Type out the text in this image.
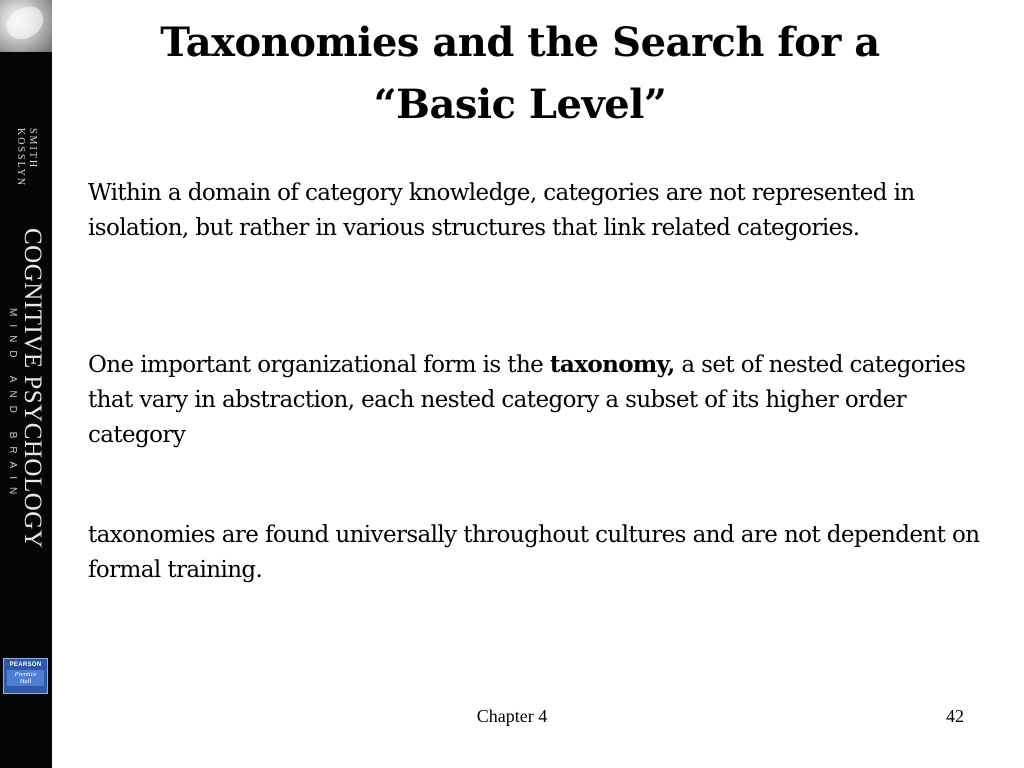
SMITH
KOSSLYN
COGNITIVE PSYCHOLOGY
MIND AND BRAIN
PEARSON
Prentice
Hall
Taxonomies and the Search for a
“Basic Level”

Within a domain of category knowledge, categories are not represented in isolation, but rather in various structures that link related categories.

One important organizational form is the taxonomy, a set of nested categories that vary in abstraction, each nested category a subset of its higher order category

taxonomies are found universally throughout cultures and are not dependent on formal training.

Chapter 4	42
